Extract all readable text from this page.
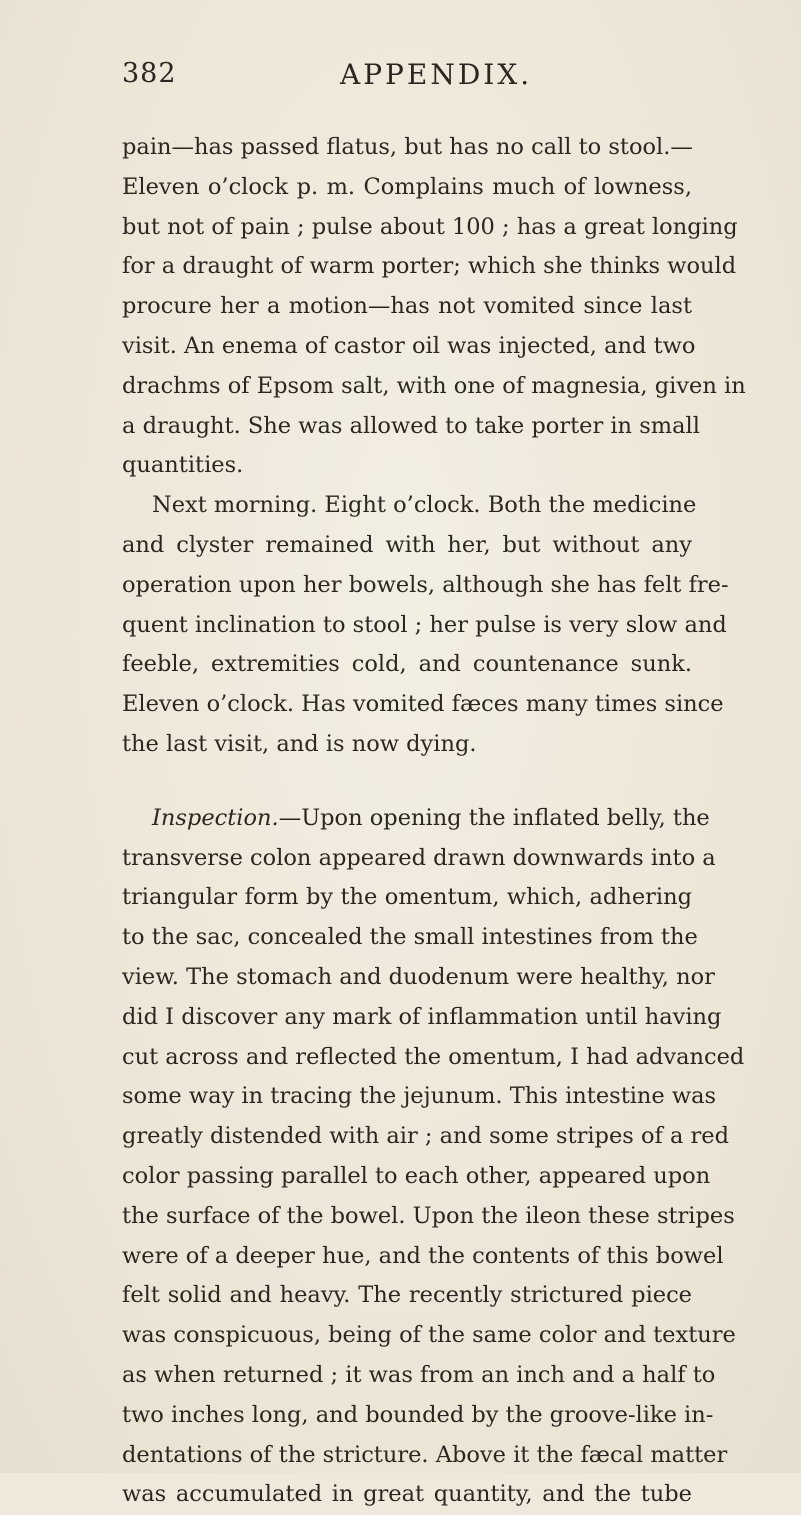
382	APPENDIX.
pain—has passed flatus, but has no call to stool.—
Eleven o’clock p. m. Complains much of lowness,
but not of pain ; pulse about 100 ; has a great longing
for a draught of warm porter; which she thinks would
procure her a motion—has not vomited since last
visit. An enema of castor oil was injected, and two
drachms of Epsom salt, with one of magnesia, given in
a draught. She was allowed to take porter in small
quantities.
Next morning. Eight o’clock. Both the medicine
and clyster remained with her, but without any
operation upon her bowels, although she has felt fre-
quent inclination to stool ; her pulse is very slow and
feeble, extremities cold, and countenance sunk.
Eleven o’clock. Has vomited fæces many times since
the last visit, and is now dying.
Inspection.—Upon opening the inflated belly, the
transverse colon appeared drawn downwards into a
triangular form by the omentum, which, adhering
to the sac, concealed the small intestines from the
view. The stomach and duodenum were healthy, nor
did I discover any mark of inflammation until having
cut across and reflected the omentum, I had advanced
some way in tracing the jejunum. This intestine was
greatly distended with air ; and some stripes of a red
color passing parallel to each other, appeared upon
the surface of the bowel. Upon the ileon these stripes
were of a deeper hue, and the contents of this bowel
felt solid and heavy. The recently strictured piece
was conspicuous, being of the same color and texture
as when returned ; it was from an inch and a half to
two inches long, and bounded by the groove-like in-
dentations of the stricture. Above it the fæcal matter
was accumulated in great quantity, and the tube
